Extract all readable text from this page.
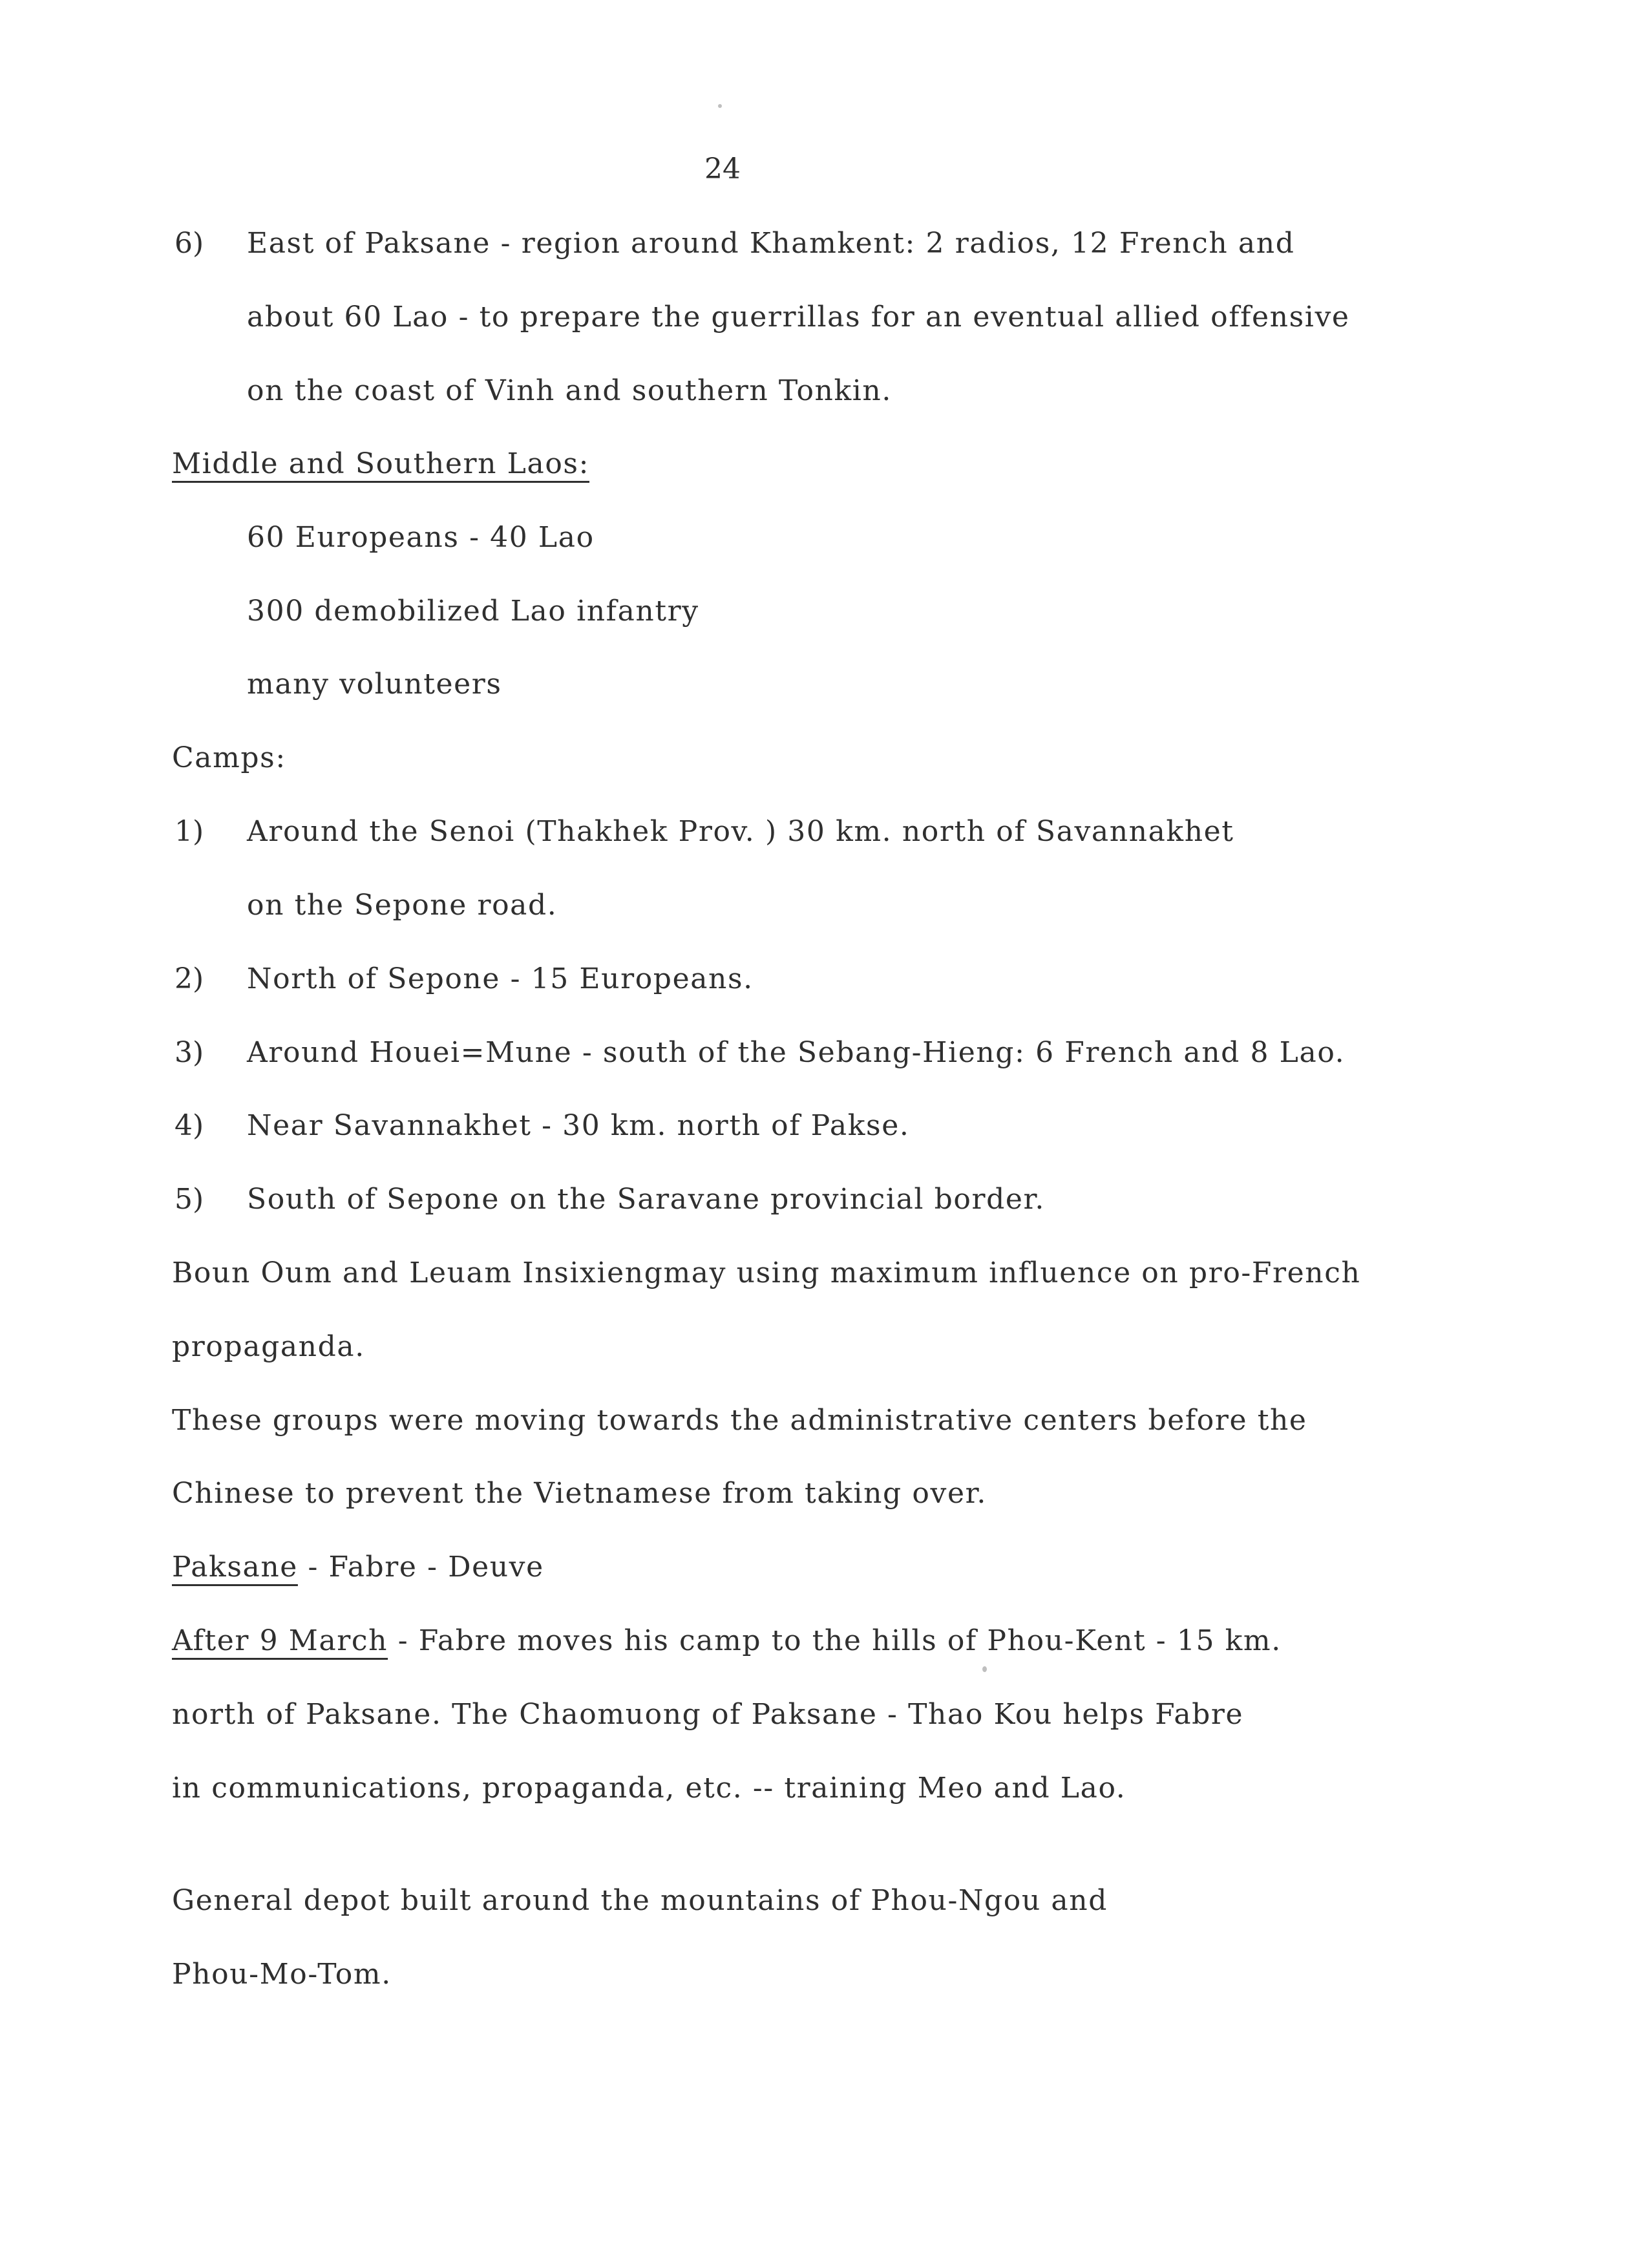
24
6) East of Paksane - region around Khamkent: 2 radios, 12 French and
about 60 Lao - to prepare the guerrillas for an eventual allied offensive
on the coast of Vinh and southern Tonkin.
Middle and Southern Laos:
60 Europeans - 40 Lao
300 demobilized Lao infantry
many volunteers
Camps:
1) Around the Senoi (Thakhek Prov. ) 30 km. north of Savannakhet
on the Sepone road.
2) North of Sepone - 15 Europeans.
3) Around Houei=Mune - south of the Sebang-Hieng: 6 French and 8 Lao.
4) Near Savannakhet - 30 km. north of Pakse.
5) South of Sepone on the Saravane provincial border.
Boun Oum and Leuam Insixiengmay using maximum influence on pro-French
propaganda.
These groups were moving towards the administrative centers before the
Chinese to prevent the Vietnamese from taking over.
Paksane - Fabre - Deuve
After 9 March - Fabre moves his camp to the hills of Phou-Kent - 15 km.
north of Paksane. The Chaomuong of Paksane - Thao Kou helps Fabre
in communications, propaganda, etc. -- training Meo and Lao.
General depot built around the mountains of Phou-Ngou and
Phou-Mo-Tom.
